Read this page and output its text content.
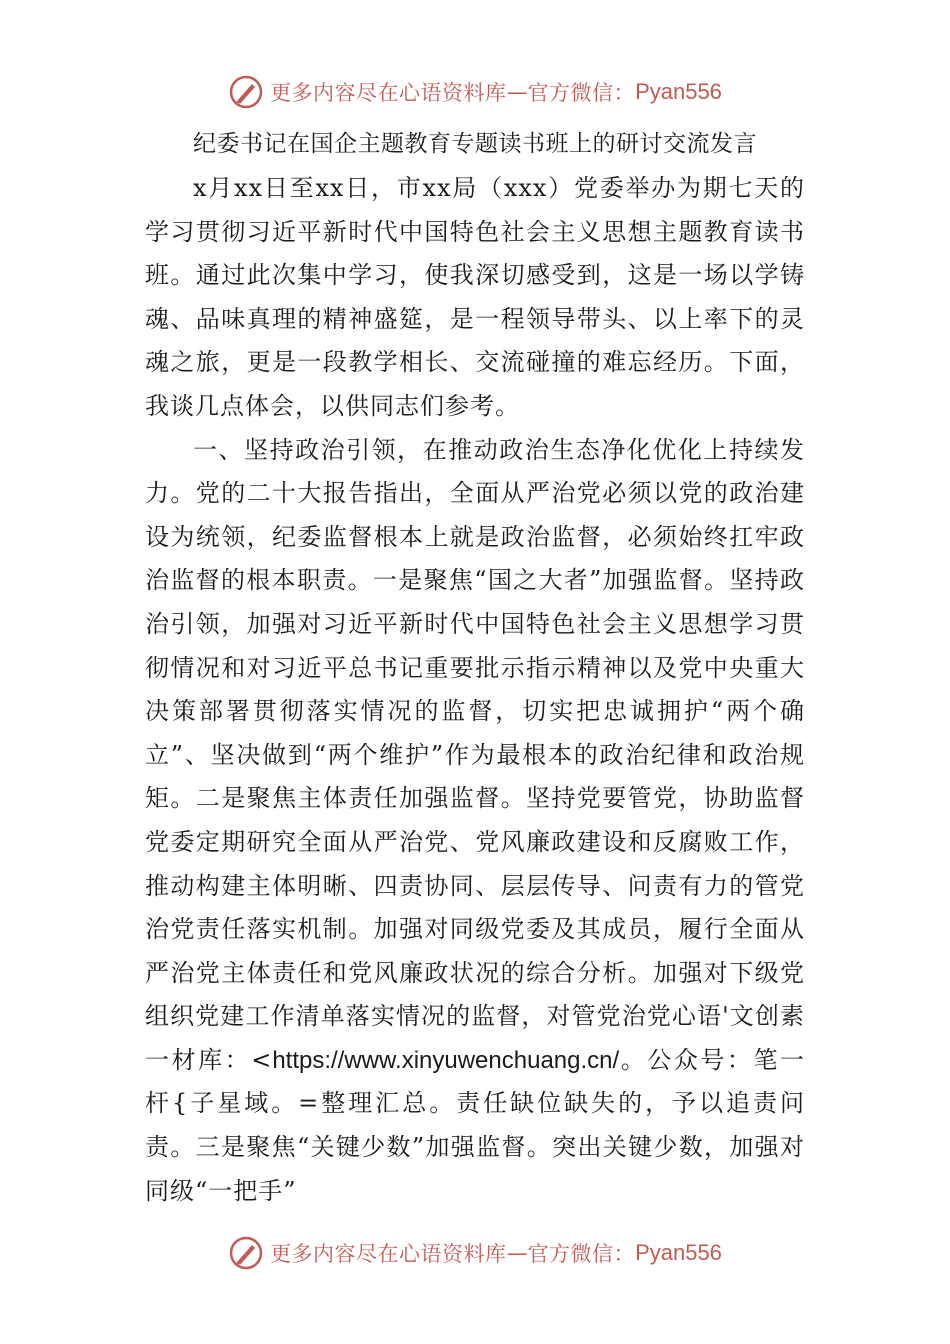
更多内容尽在心语资料库 — 官方微信： Pyan556
纪委书记在国企主题教育专题读书班上的研讨交流发言

x月xx日至xx日，市xx局（xxx）党委举办为期七天的学习贯彻习近平新时代中国特色社会主义思想主题教育读书班。通过此次集中学习，使我深切感受到，这是一场以学铸魂、品味真理的精神盛筵，是一程领导带头、以上率下的灵魂之旅，更是一段教学相长、交流碰撞的难忘经历。下面，我谈几点体会，以供同志们参考。

一、坚持政治引领，在推动政治生态净化优化上持续发力。党的二十大报告指出，全面从严治党必须以党的政治建设为统领，纪委监督根本上就是政治监督，必须始终扛牢政治监督的根本职责。一是聚焦“国之大者”加强监督。坚持政治引领，加强对习近平新时代中国特色社会主义思想学习贯彻情况和对习近平总书记重要批示指示精神以及党中央重大决策部署贯彻落实情况的监督，切实把忠诚拥护“两个确立”、坚决做到“两个维护”作为最根本的政治纪律和政治规矩。二是聚焦主体责任加强监督。坚持党要管党，协助监督党委定期研究全面从严治党、党风廉政建设和反腐败工作，推动构建主体明晰、四责协同、层层传导、问责有力的管党治党责任落实机制。加强对同级党委及其成员，履行全面从严治党主体责任和党风廉政状况的综合分析。加强对下级党组织党建工作清单落实情况的监督，对管党治党心语'文创素一材库：<https://www.xinyuwenchuang.cn/。公众号：笔一杆{子星域。=整理汇总。责任缺位缺失的，予以追责问责。三是聚焦“关键少数”加强监督。突出关键少数，加强对同级“一把手”

更多内容尽在心语资料库 — 官方微信： Pyan556
